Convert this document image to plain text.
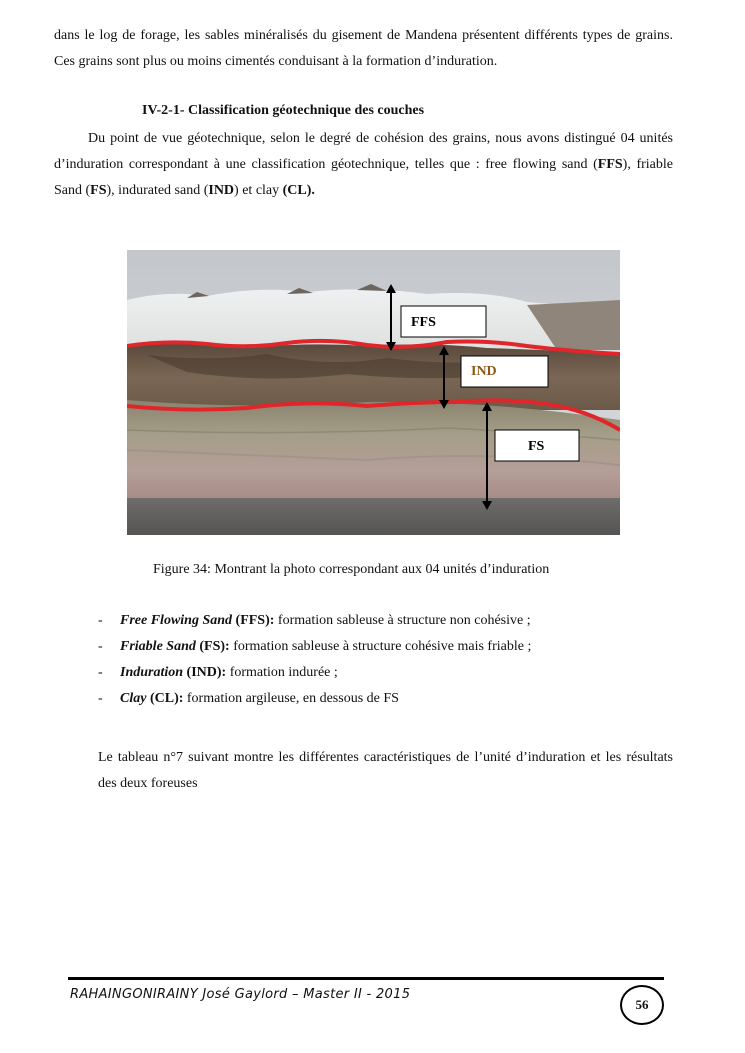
dans le log de forage, les sables minéralisés du gisement de Mandena présentent différents types de grains. Ces grains sont plus ou moins cimentés conduisant à la formation d’induration.

IV-2-1- Classification géotechnique des couches

Du point de vue géotechnique, selon le degré de cohésion des grains, nous avons distingué 04 unités d’induration correspondant à une classification géotechnique, telles que : free flowing sand (FFS), friable Sand (FS), indurated sand (IND) et clay (CL).

FFS
IND
FS
Figure 34: Montrant la photo correspondant aux 04 unités d’induration
- Free Flowing Sand (FFS): formation sableuse à structure non cohésive ;
- Friable Sand (FS): formation sableuse à structure cohésive mais friable ;
- Induration (IND): formation indurée ;
- Clay (CL): formation argileuse, en dessous de FS

Le tableau n°7 suivant montre les différentes caractéristiques de l’unité d’induration et les résultats des deux foreuses

RAHAINGONIRAINY José Gaylord – Master II - 2015
56
